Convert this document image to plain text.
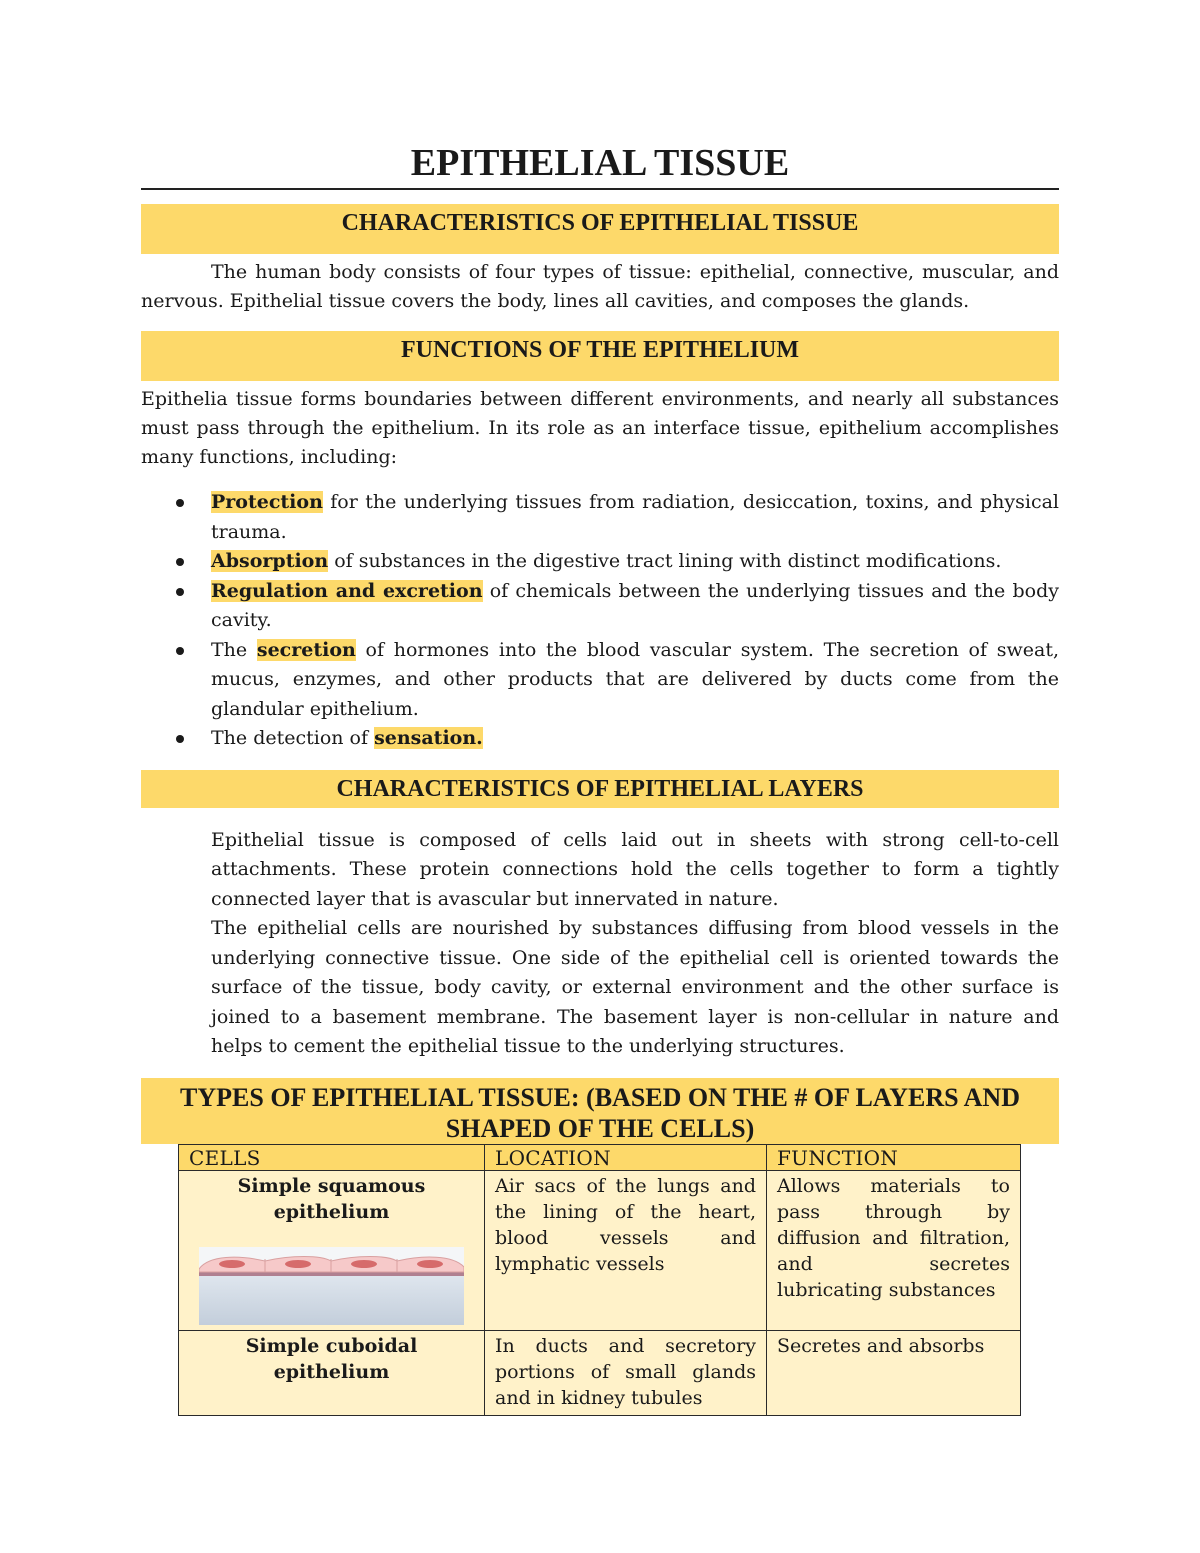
EPITHELIAL TISSUE
CHARACTERISTICS OF EPITHELIAL TISSUE

The human body consists of four types of tissue: epithelial, connective, muscular, and nervous. Epithelial tissue covers the body, lines all cavities, and composes the glands.

FUNCTIONS OF THE EPITHELIUM

Epithelia tissue forms boundaries between different environments, and nearly all substances must pass through the epithelium. In its role as an interface tissue, epithelium accomplishes many functions, including:

Protection for the underlying tissues from radiation, desiccation, toxins, and physical trauma.
Absorption of substances in the digestive tract lining with distinct modifications.
Regulation and excretion of chemicals between the underlying tissues and the body cavity.
The secretion of hormones into the blood vascular system. The secretion of sweat, mucus, enzymes, and other products that are delivered by ducts come from the glandular epithelium.
The detection of sensation.
CHARACTERISTICS OF EPITHELIAL LAYERS
Epithelial tissue is composed of cells laid out in sheets with strong cell-to-cell attachments. These protein connections hold the cells together to form a tightly connected layer that is avascular but innervated in nature.
The epithelial cells are nourished by substances diffusing from blood vessels in the underlying connective tissue. One side of the epithelial cell is oriented towards the surface of the tissue, body cavity, or external environment and the other surface is joined to a basement membrane. The basement layer is non-cellular in nature and helps to cement the epithelial tissue to the underlying structures.
TYPES OF EPITHELIAL TISSUE: (BASED ON THE # OF LAYERS AND SHAPED OF THE CELLS)
CELLS	LOCATION	FUNCTION

Simple squamous epithelium	Air sacs of the lungs and the lining of the heart, blood vessels and lymphatic vessels	Allows materials to pass through by diffusion and filtration, and secretes lubricating substances

Simple cuboidal epithelium	In ducts and secretory portions of small glands and in kidney tubules	Secretes and absorbs
